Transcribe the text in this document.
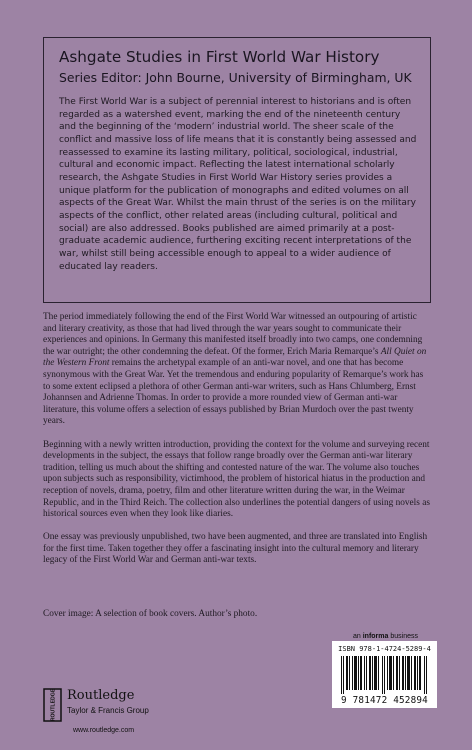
Ashgate Studies in First World War History
Series Editor: John Bourne, University of Birmingham, UK

The First World War is a subject of perennial interest to historians and is often regarded as a watershed event, marking the end of the nineteenth century and the beginning of the ‘modern’ industrial world. The sheer scale of the conflict and massive loss of life means that it is constantly being assessed and reassessed to examine its lasting military, political, sociological, industrial, cultural and economic impact. Reflecting the latest international scholarly research, the Ashgate Studies in First World War History series provides a unique platform for the publication of monographs and edited volumes on all aspects of the Great War. Whilst the main thrust of the series is on the military aspects of the conflict, other related areas (including cultural, political and social) are also addressed. Books published are aimed primarily at a post-graduate academic audience, furthering exciting recent interpretations of the war, whilst still being accessible enough to appeal to a wider audience of educated lay readers.

The period immediately following the end of the First World War witnessed an outpouring of artistic and literary creativity, as those that had lived through the war years sought to communicate their experiences and opinions. In Germany this manifested itself broadly into two camps, one condemning the war outright; the other condemning the defeat. Of the former, Erich Maria Remarque’s All Quiet on the Western Front remains the archetypal example of an anti-war novel, and one that has become synonymous with the Great War. Yet the tremendous and enduring popularity of Remarque’s work has to some extent eclipsed a plethora of other German anti-war writers, such as Hans Chlumberg, Ernst Johannsen and Adrienne Thomas. In order to provide a more rounded view of German anti-war literature, this volume offers a selection of essays published by Brian Murdoch over the past twenty years.

Beginning with a newly written introduction, providing the context for the volume and surveying recent developments in the subject, the essays that follow range broadly over the German anti-war literary tradition, telling us much about the shifting and contested nature of the war. The volume also touches upon subjects such as responsibility, victimhood, the problem of historical hiatus in the production and reception of novels, drama, poetry, film and other literature written during the war, in the Weimar Republic, and in the Third Reich. The collection also underlines the potential dangers of using novels as historical sources even when they look like diaries.

One essay was previously unpublished, two have been augmented, and three are translated into English for the first time. Taken together they offer a fascinating insight into the cultural memory and literary legacy of the First World War and German anti-war texts.

Cover image: A selection of book covers. Author’s photo.

an informa business
ISBN 978-1-4724-5289-4
9 781472 452894
ROUTLEDGE Routledge
Taylor & Francis Group
www.routledge.com
